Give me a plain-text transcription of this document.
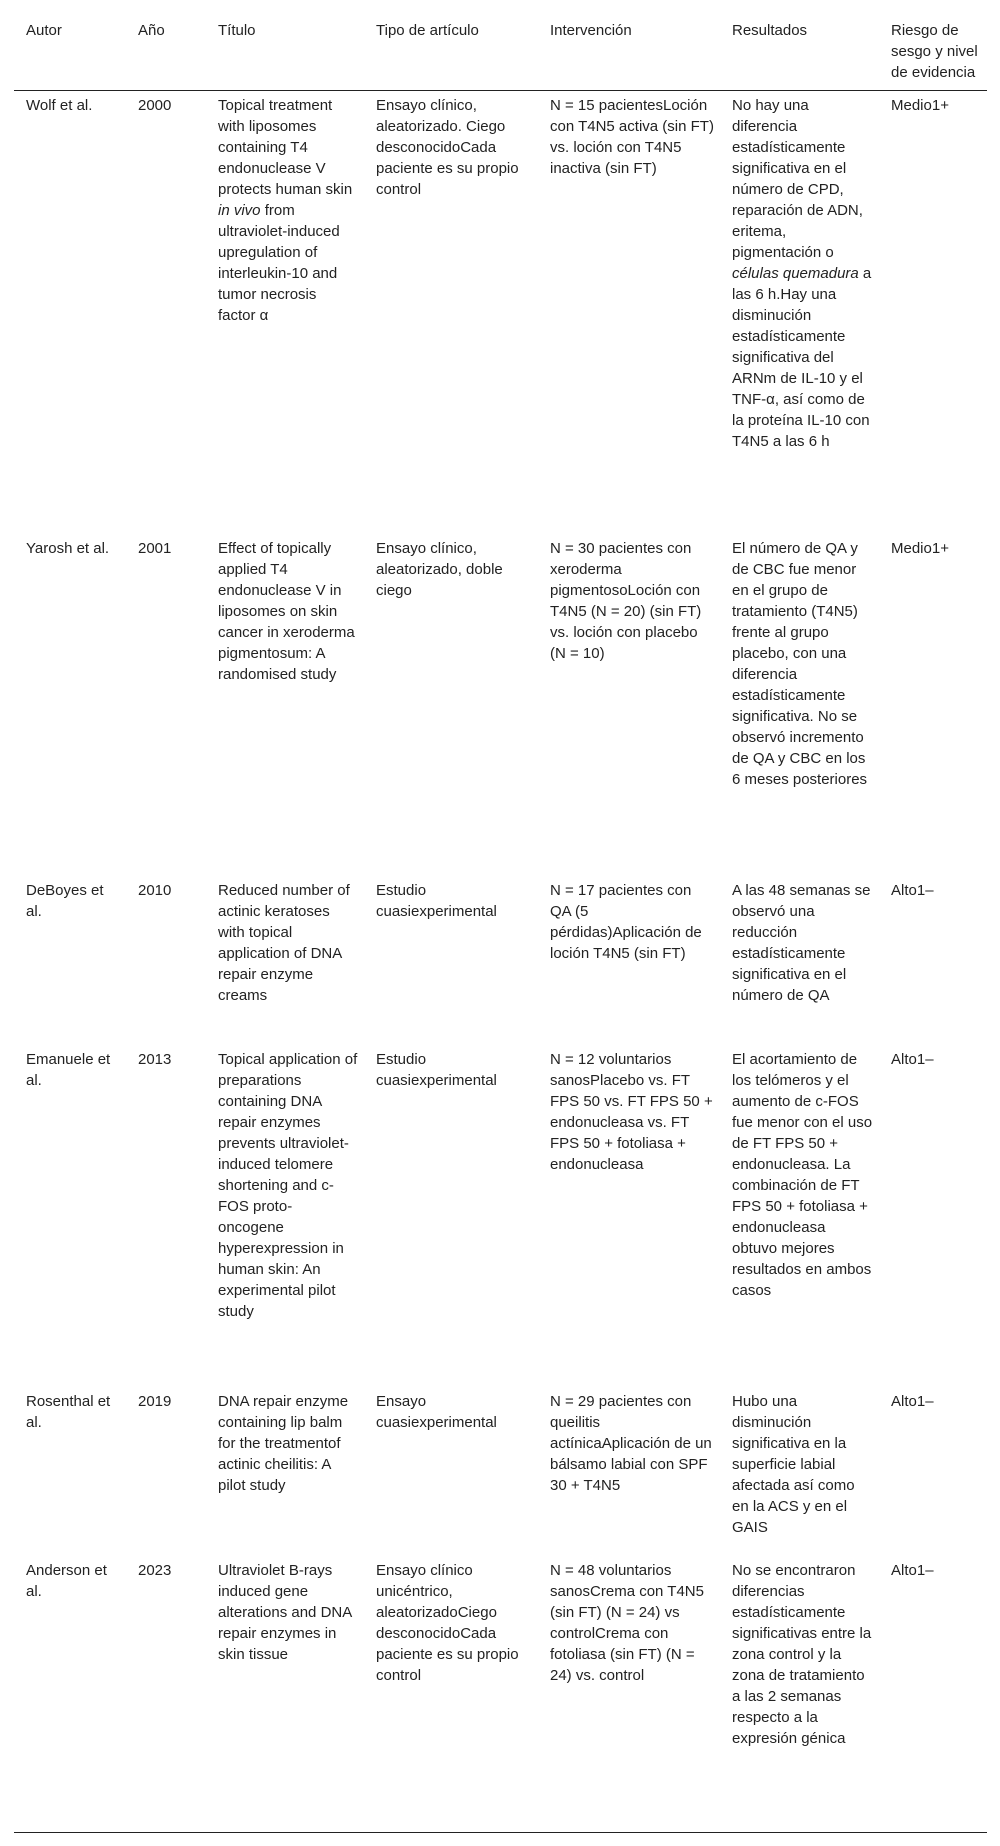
Autor	Año	Título	Tipo de artículo	Intervención	Resultados	Riesgo de sesgo y nivel de evidencia
Wolf et al.	2000	Topical treatment with liposomes containing T4 endonuclease V protects human skin in vivo from ultraviolet-induced upregulation of interleukin-10 and tumor necrosis factor α	Ensayo clínico, aleatorizado. Ciego desconocidoCada paciente es su propio control	N = 15 pacientesLoción con T4N5 activa (sin FT) vs. loción con T4N5 inactiva (sin FT)	No hay una diferencia estadísticamente significativa en el número de CPD, reparación de ADN, eritema, pigmentación o células quemadura a las 6 h.Hay una disminución estadísticamente significativa del ARNm de IL-10 y el TNF-α, así como de la proteína IL-10 con T4N5 a las 6 h	Medio1+
Yarosh et al.	2001	Effect of topically applied T4 endonuclease V in liposomes on skin cancer in xeroderma pigmentosum: A randomised study	Ensayo clínico, aleatorizado, doble ciego	N = 30 pacientes con xeroderma pigmentosoLoción con T4N5 (N = 20) (sin FT) vs. loción con placebo (N = 10)	El número de QA y de CBC fue menor en el grupo de tratamiento (T4N5) frente al grupo placebo, con una diferencia estadísticamente significativa. No se observó incremento de QA y CBC en los 6 meses posteriores	Medio1+
DeBoyes et al.	2010	Reduced number of actinic keratoses with topical application of DNA repair enzyme creams	Estudio cuasiexperimental	N = 17 pacientes con QA (5 pérdidas)Aplicación de loción T4N5 (sin FT)	A las 48 semanas se observó una reducción estadísticamente significativa en el número de QA	Alto1–
Emanuele et al.	2013	Topical application of preparations containing DNA repair enzymes prevents ultraviolet-induced telomere shortening and c-FOS proto-oncogene hyperexpression in human skin: An experimental pilot study	Estudio cuasiexperimental	N = 12 voluntarios sanosPlacebo vs. FT FPS 50 vs. FT FPS 50 + endonucleasa vs. FT FPS 50 + fotoliasa + endonucleasa	El acortamiento de los telómeros y el aumento de c-FOS fue menor con el uso de FT FPS 50 + endonucleasa. La combinación de FT FPS 50 + fotoliasa + endonucleasa obtuvo mejores resultados en ambos casos	Alto1–
Rosenthal et al.	2019	DNA repair enzyme containing lip balm for the treatmentof actinic cheilitis: A pilot study	Ensayo cuasiexperimental	N = 29 pacientes con queilitis actínicaAplicación de un bálsamo labial con SPF 30 + T4N5	Hubo una disminución significativa en la superficie labial afectada así como en la ACS y en el GAIS	Alto1–
Anderson et al.	2023	Ultraviolet B-rays induced gene alterations and DNA repair enzymes in skin tissue	Ensayo clínico unicéntrico, aleatorizadoCiego desconocidoCada paciente es su propio control	N = 48 voluntarios sanosCrema con T4N5 (sin FT) (N = 24) vs controlCrema con fotoliasa (sin FT) (N = 24) vs. control	No se encontraron diferencias estadísticamente significativas entre la zona control y la zona de tratamiento a las 2 semanas respecto a la expresión génica	Alto1–
